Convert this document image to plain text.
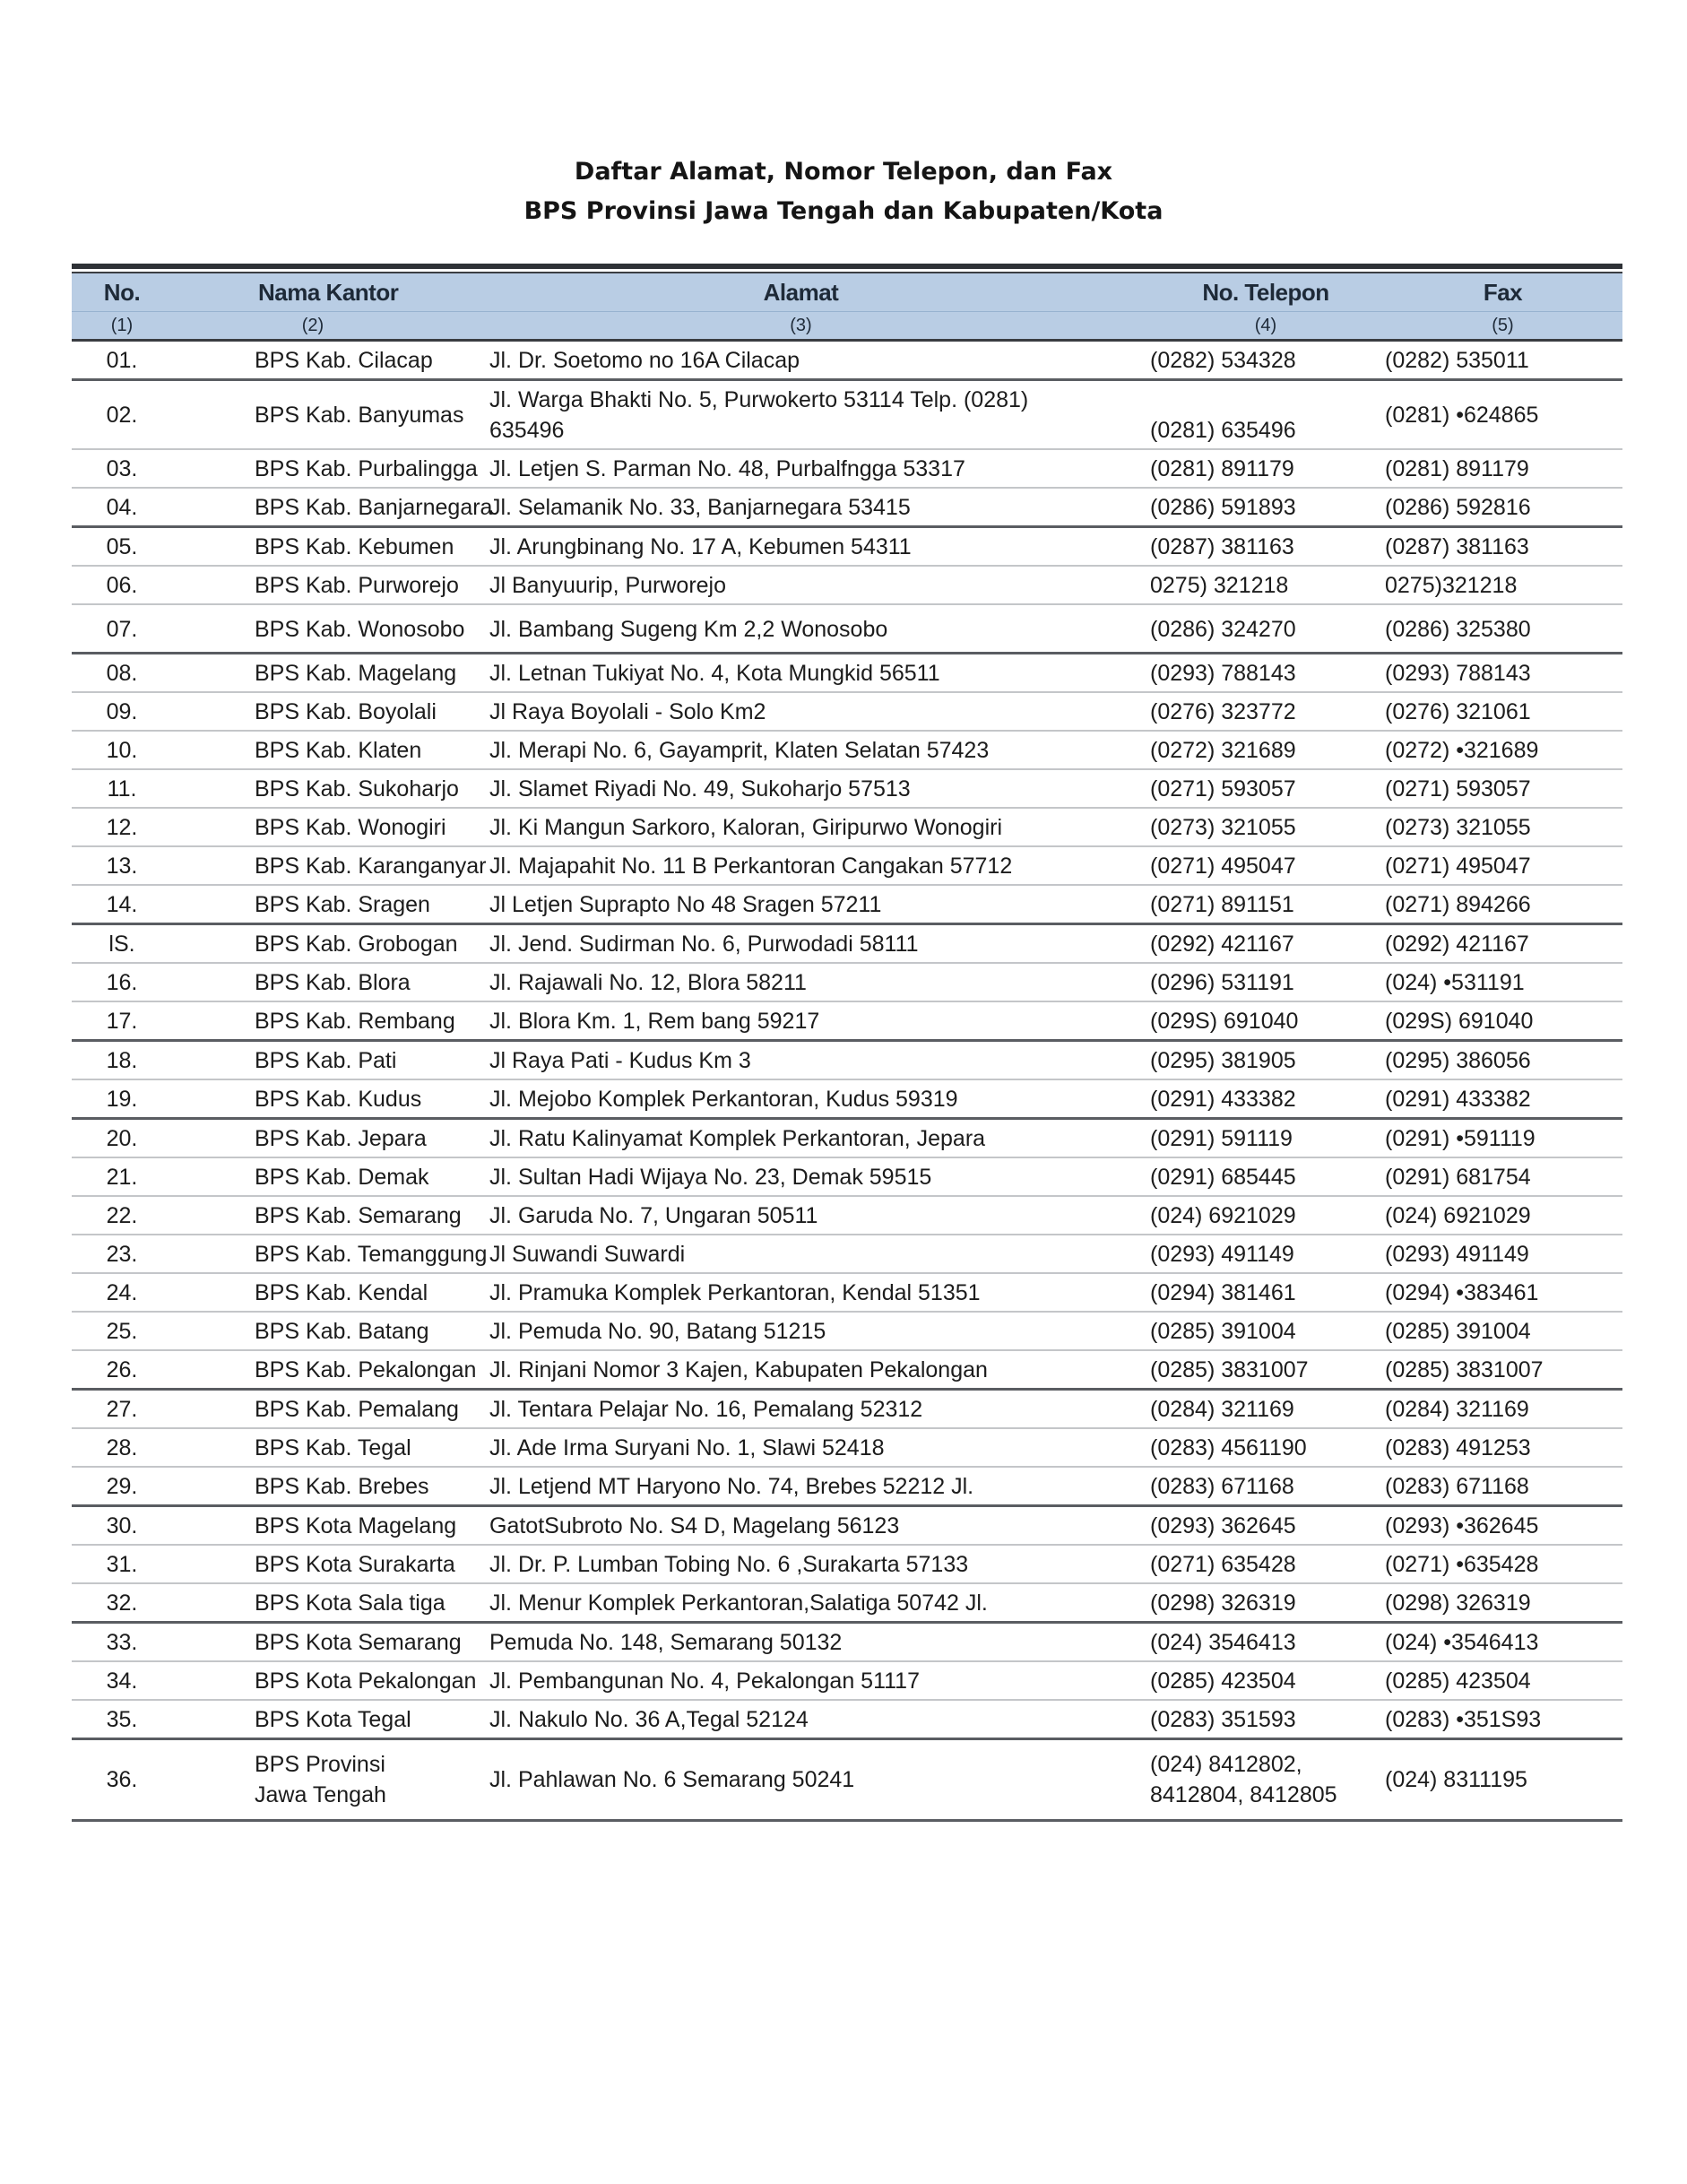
Daftar Alamat, Nomor Telepon, dan Fax
BPS Provinsi Jawa Tengah dan Kabupaten/Kota
No.	Nama Kantor	Alamat	No. Telepon	Fax
(1)	(2)	(3)	(4)	(5)
01.	BPS Kab. Cilacap	Jl. Dr. Soetomo no 16A Cilacap	(0282) 534328	(0282) 535011
02.	BPS Kab. Banyumas	Jl. Warga Bhakti No. 5, Purwokerto 53114 Telp. (0281) 635496	(0281) 635496	(0281) •624865
03.	BPS Kab. Purbalingga	Jl. Letjen S. Parman No. 48, Purbalfngga 53317	(0281) 891179	(0281) 891179
04.	BPS Kab. Banjarnegara	Jl. Selamanik No. 33, Banjarnegara 53415	(0286) 591893	(0286) 592816
05.	BPS Kab. Kebumen	Jl. Arungbinang No. 17 A, Kebumen 54311	(0287) 381163	(0287) 381163
06.	BPS Kab. Purworejo	Jl Banyuurip, Purworejo	0275) 321218	0275)321218
07.	BPS Kab. Wonosobo	Jl. Bambang Sugeng Km 2,2 Wonosobo	(0286) 324270	(0286) 325380
08.	BPS Kab. Magelang	Jl. Letnan Tukiyat No. 4, Kota Mungkid 56511	(0293) 788143	(0293) 788143
09.	BPS Kab. Boyolali	Jl Raya Boyolali - Solo Km2	(0276) 323772	(0276) 321061
10.	BPS Kab. Klaten	Jl. Merapi No. 6, Gayamprit, Klaten Selatan 57423	(0272) 321689	(0272) •321689
11.	BPS Kab. Sukoharjo	Jl. Slamet Riyadi No. 49, Sukoharjo 57513	(0271) 593057	(0271) 593057
12.	BPS Kab. Wonogiri	Jl. Ki Mangun Sarkoro, Kaloran, Giripurwo Wonogiri	(0273) 321055	(0273) 321055
13.	BPS Kab. Karanganyar	Jl. Majapahit No. 11 B Perkantoran Cangakan 57712	(0271) 495047	(0271) 495047
14.	BPS Kab. Sragen	Jl Letjen Suprapto No 48 Sragen 57211	(0271) 891151	(0271) 894266
lS.	BPS Kab. Grobogan	Jl. Jend. Sudirman No. 6, Purwodadi 58111	(0292) 421167	(0292) 421167
16.	BPS Kab. Blora	Jl. Rajawali No. 12, Blora 58211	(0296) 531191	(024) •531191
17.	BPS Kab. Rembang	Jl. Blora Km. 1, Rem bang 59217	(029S) 691040	(029S) 691040
18.	BPS Kab. Pati	Jl Raya Pati - Kudus Km 3	(0295) 381905	(0295) 386056
19.	BPS Kab. Kudus	Jl. Mejobo Komplek Perkantoran, Kudus 59319	(0291) 433382	(0291) 433382
20.	BPS Kab. Jepara	Jl. Ratu Kalinyamat Komplek Perkantoran, Jepara	(0291) 591119	(0291) •591119
21.	BPS Kab. Demak	Jl. Sultan Hadi Wijaya No. 23, Demak 59515	(0291) 685445	(0291) 681754
22.	BPS Kab. Semarang	Jl. Garuda No. 7, Ungaran 50511	(024) 6921029	(024) 6921029
23.	BPS Kab. Temanggung	Jl Suwandi Suwardi	(0293) 491149	(0293) 491149
24.	BPS Kab. Kendal	Jl. Pramuka Komplek Perkantoran, Kendal 51351	(0294) 381461	(0294) •383461
25.	BPS Kab. Batang	Jl. Pemuda No. 90, Batang 51215	(0285) 391004	(0285) 391004
26.	BPS Kab. Pekalongan	Jl. Rinjani Nomor 3 Kajen, Kabupaten Pekalongan	(0285) 3831007	(0285) 3831007
27.	BPS Kab. Pemalang	Jl. Tentara Pelajar No. 16, Pemalang 52312	(0284) 321169	(0284) 321169
28.	BPS Kab. Tegal	Jl. Ade Irma Suryani No. 1, Slawi 52418	(0283) 4561190	(0283) 491253
29.	BPS Kab. Brebes	Jl. Letjend MT Haryono No. 74, Brebes 52212 Jl.	(0283) 671168	(0283) 671168
30.	BPS Kota Magelang	GatotSubroto No. S4 D, Magelang 56123	(0293) 362645	(0293) •362645
31.	BPS Kota Surakarta	Jl. Dr. P. Lumban Tobing No. 6 ,Surakarta 57133	(0271) 635428	(0271) •635428
32.	BPS Kota Sala tiga	Jl. Menur Komplek Perkantoran,Salatiga 50742 Jl.	(0298) 326319	(0298) 326319
33.	BPS Kota Semarang	Pemuda No. 148, Semarang 50132	(024) 3546413	(024) •3546413
34.	BPS Kota Pekalongan	Jl. Pembangunan No. 4, Pekalongan 51117	(0285) 423504	(0285) 423504
35.	BPS Kota Tegal	Jl. Nakulo No. 36 A,Tegal 52124	(0283) 351593	(0283) •351S93
36.	BPS Provinsi Jawa Tengah	Jl. Pahlawan No. 6 Semarang 50241	(024) 8412802, 8412804, 8412805	(024) 8311195
